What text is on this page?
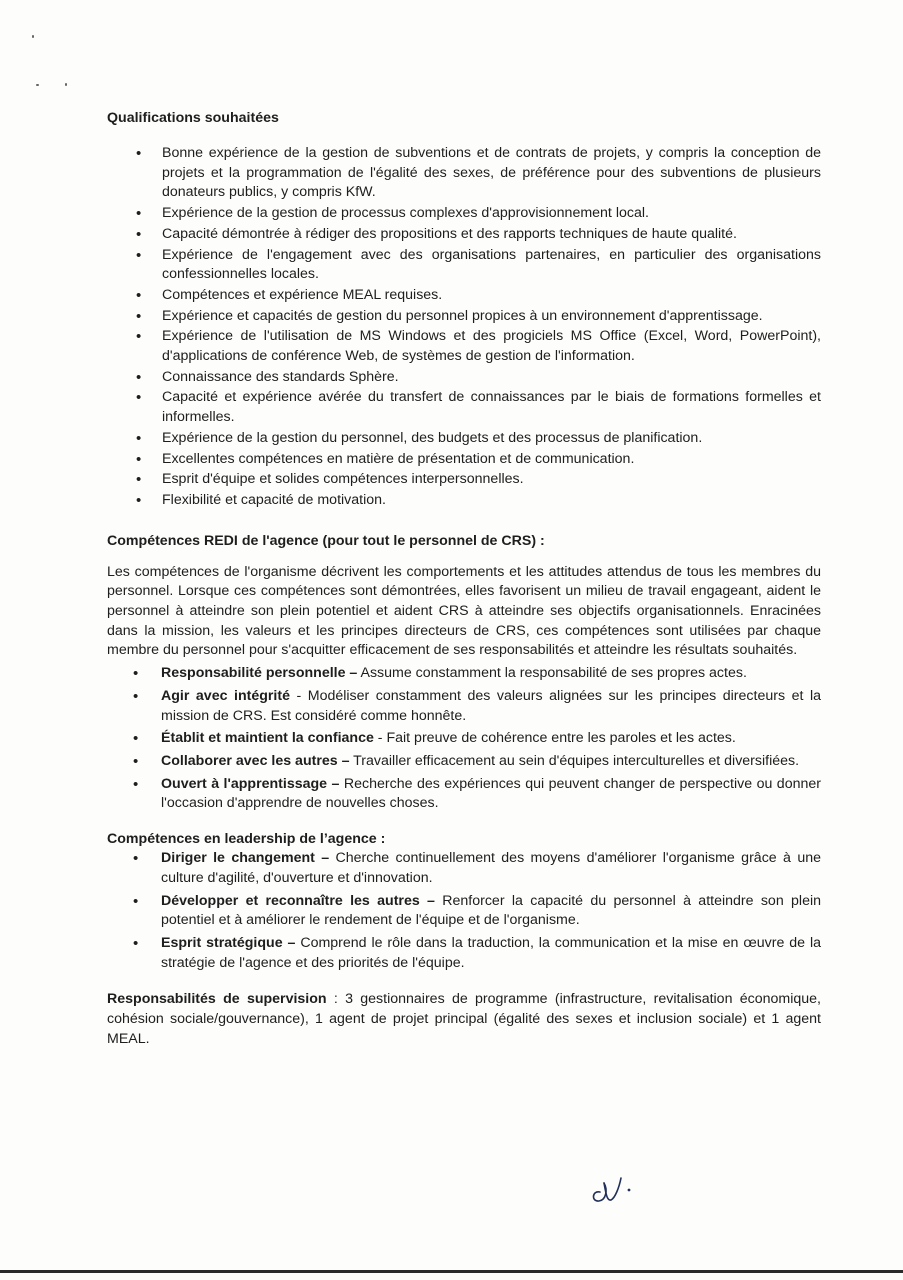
Qualifications souhaitées
• Bonne expérience de la gestion de subventions et de contrats de projets, y compris la conception de projets et la programmation de l'égalité des sexes, de préférence pour des subventions de plusieurs donateurs publics, y compris KfW.
• Expérience de la gestion de processus complexes d'approvisionnement local.
• Capacité démontrée à rédiger des propositions et des rapports techniques de haute qualité.
• Expérience de l'engagement avec des organisations partenaires, en particulier des organisations confessionnelles locales.
• Compétences et expérience MEAL requises.
• Expérience et capacités de gestion du personnel propices à un environnement d'apprentissage.
• Expérience de l'utilisation de MS Windows et des progiciels MS Office (Excel, Word, PowerPoint), d'applications de conférence Web, de systèmes de gestion de l'information.
• Connaissance des standards Sphère.
• Capacité et expérience avérée du transfert de connaissances par le biais de formations formelles et informelles.
• Expérience de la gestion du personnel, des budgets et des processus de planification.
• Excellentes compétences en matière de présentation et de communication.
• Esprit d'équipe et solides compétences interpersonnelles.
• Flexibilité et capacité de motivation.
Compétences REDI de l'agence (pour tout le personnel de CRS) :

Les compétences de l'organisme décrivent les comportements et les attitudes attendus de tous les membres du personnel. Lorsque ces compétences sont démontrées, elles favorisent un milieu de travail engageant, aident le personnel à atteindre son plein potentiel et aident CRS à atteindre ses objectifs organisationnels. Enracinées dans la mission, les valeurs et les principes directeurs de CRS, ces compétences sont utilisées par chaque membre du personnel pour s'acquitter efficacement de ses responsabilités et atteindre les résultats souhaités.

• Responsabilité personnelle – Assume constamment la responsabilité de ses propres actes.
• Agir avec intégrité - Modéliser constamment des valeurs alignées sur les principes directeurs et la mission de CRS. Est considéré comme honnête.
• Établit et maintient la confiance - Fait preuve de cohérence entre les paroles et les actes.
• Collaborer avec les autres – Travailler efficacement au sein d'équipes interculturelles et diversifiées.
• Ouvert à l'apprentissage – Recherche des expériences qui peuvent changer de perspective ou donner l'occasion d'apprendre de nouvelles choses.
Compétences en leadership de l’agence :
• Diriger le changement – Cherche continuellement des moyens d'améliorer l'organisme grâce à une culture d'agilité, d'ouverture et d'innovation.
• Développer et reconnaître les autres – Renforcer la capacité du personnel à atteindre son plein potentiel et à améliorer le rendement de l'équipe et de l'organisme.
• Esprit stratégique – Comprend le rôle dans la traduction, la communication et la mise en œuvre de la stratégie de l'agence et des priorités de l'équipe.

Responsabilités de supervision : 3 gestionnaires de programme (infrastructure, revitalisation économique, cohésion sociale/gouvernance), 1 agent de projet principal (égalité des sexes et inclusion sociale) et 1 agent MEAL.
